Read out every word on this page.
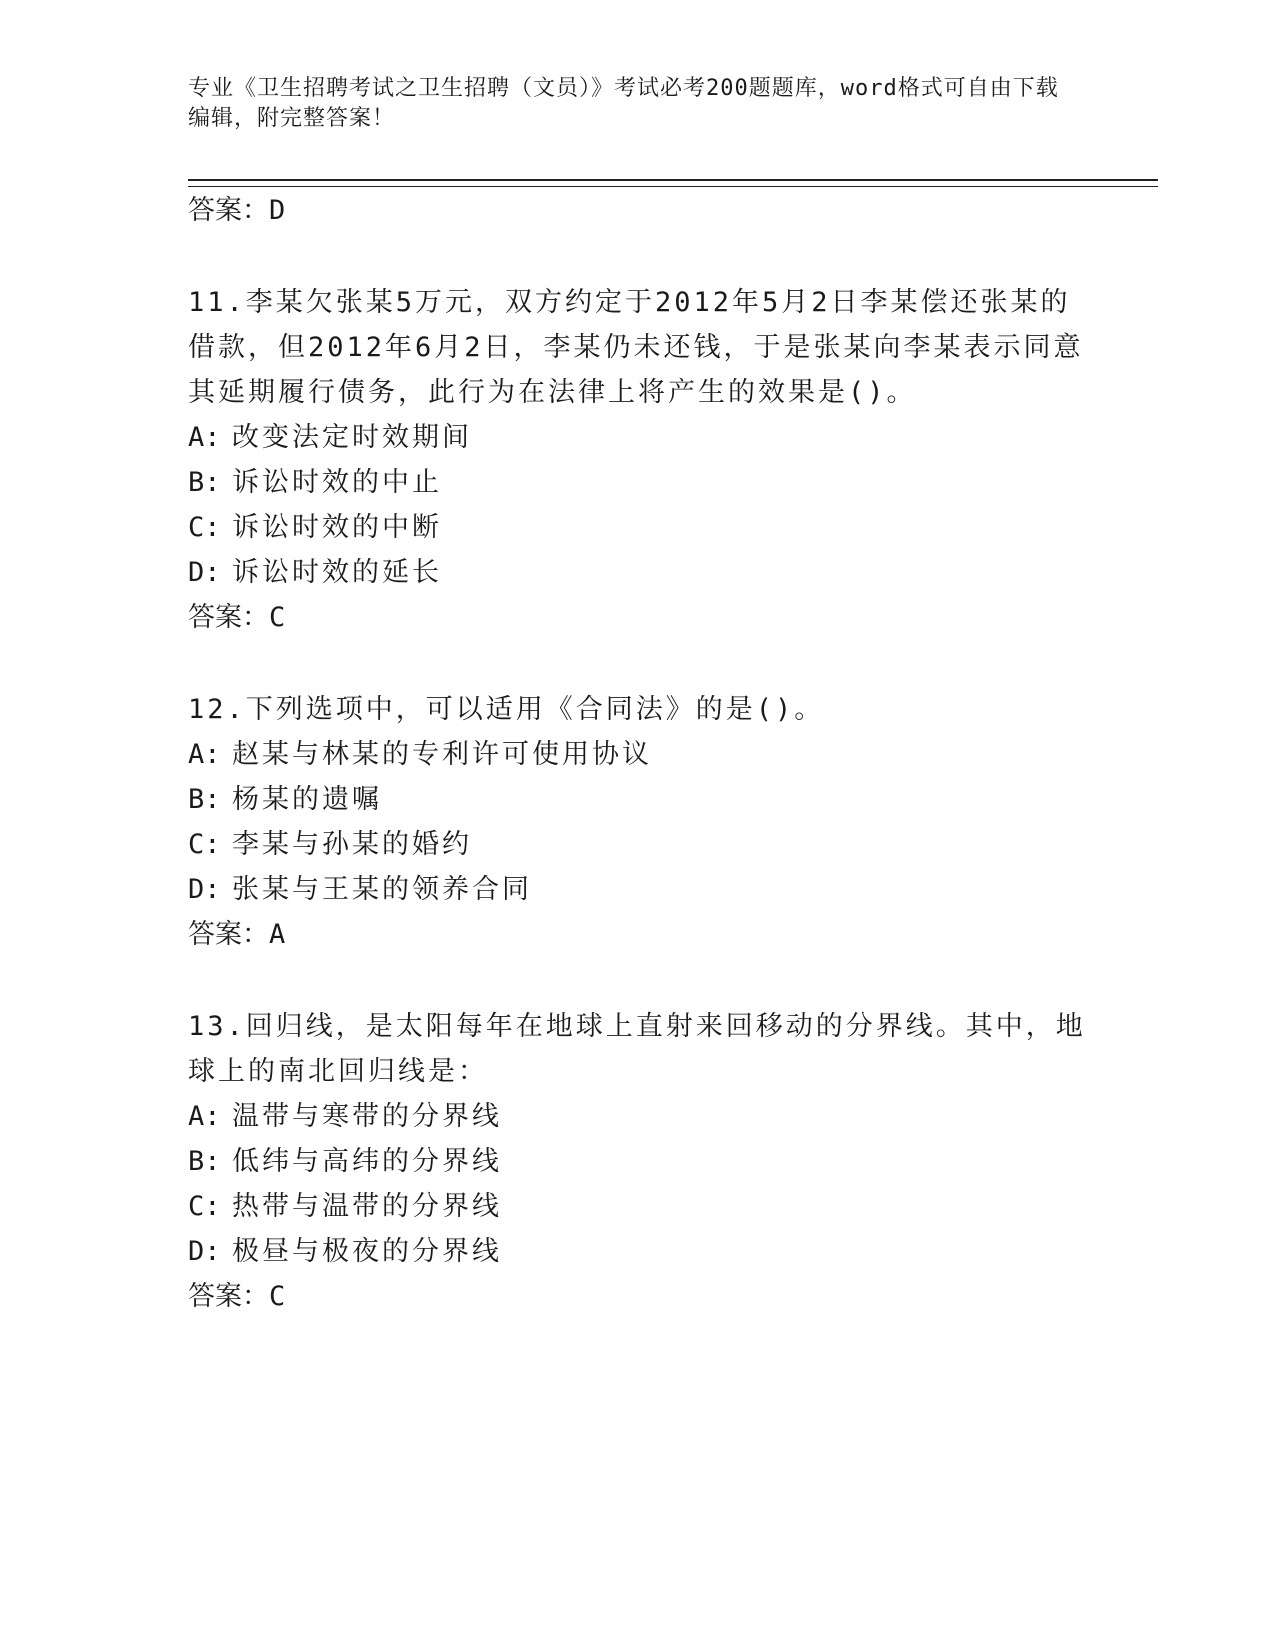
专业《卫生招聘考试之卫生招聘（文员）》考试必考200题题库，word格式可自由下载编辑，附完整答案！
答案：D
11.李某欠张某5万元，双方约定于2012年5月2日李某偿还张某的借款，但2012年6月2日，李某仍未还钱，于是张某向李某表示同意其延期履行债务，此行为在法律上将产生的效果是()。
A: 改变法定时效期间
B: 诉讼时效的中止
C: 诉讼时效的中断
D: 诉讼时效的延长
答案：C
12.下列选项中，可以适用《合同法》的是()。
A: 赵某与林某的专利许可使用协议
B: 杨某的遗嘱
C: 李某与孙某的婚约
D: 张某与王某的领养合同
答案：A
13.回归线，是太阳每年在地球上直射来回移动的分界线。其中，地球上的南北回归线是：
A: 温带与寒带的分界线
B: 低纬与高纬的分界线
C: 热带与温带的分界线
D: 极昼与极夜的分界线
答案：C
